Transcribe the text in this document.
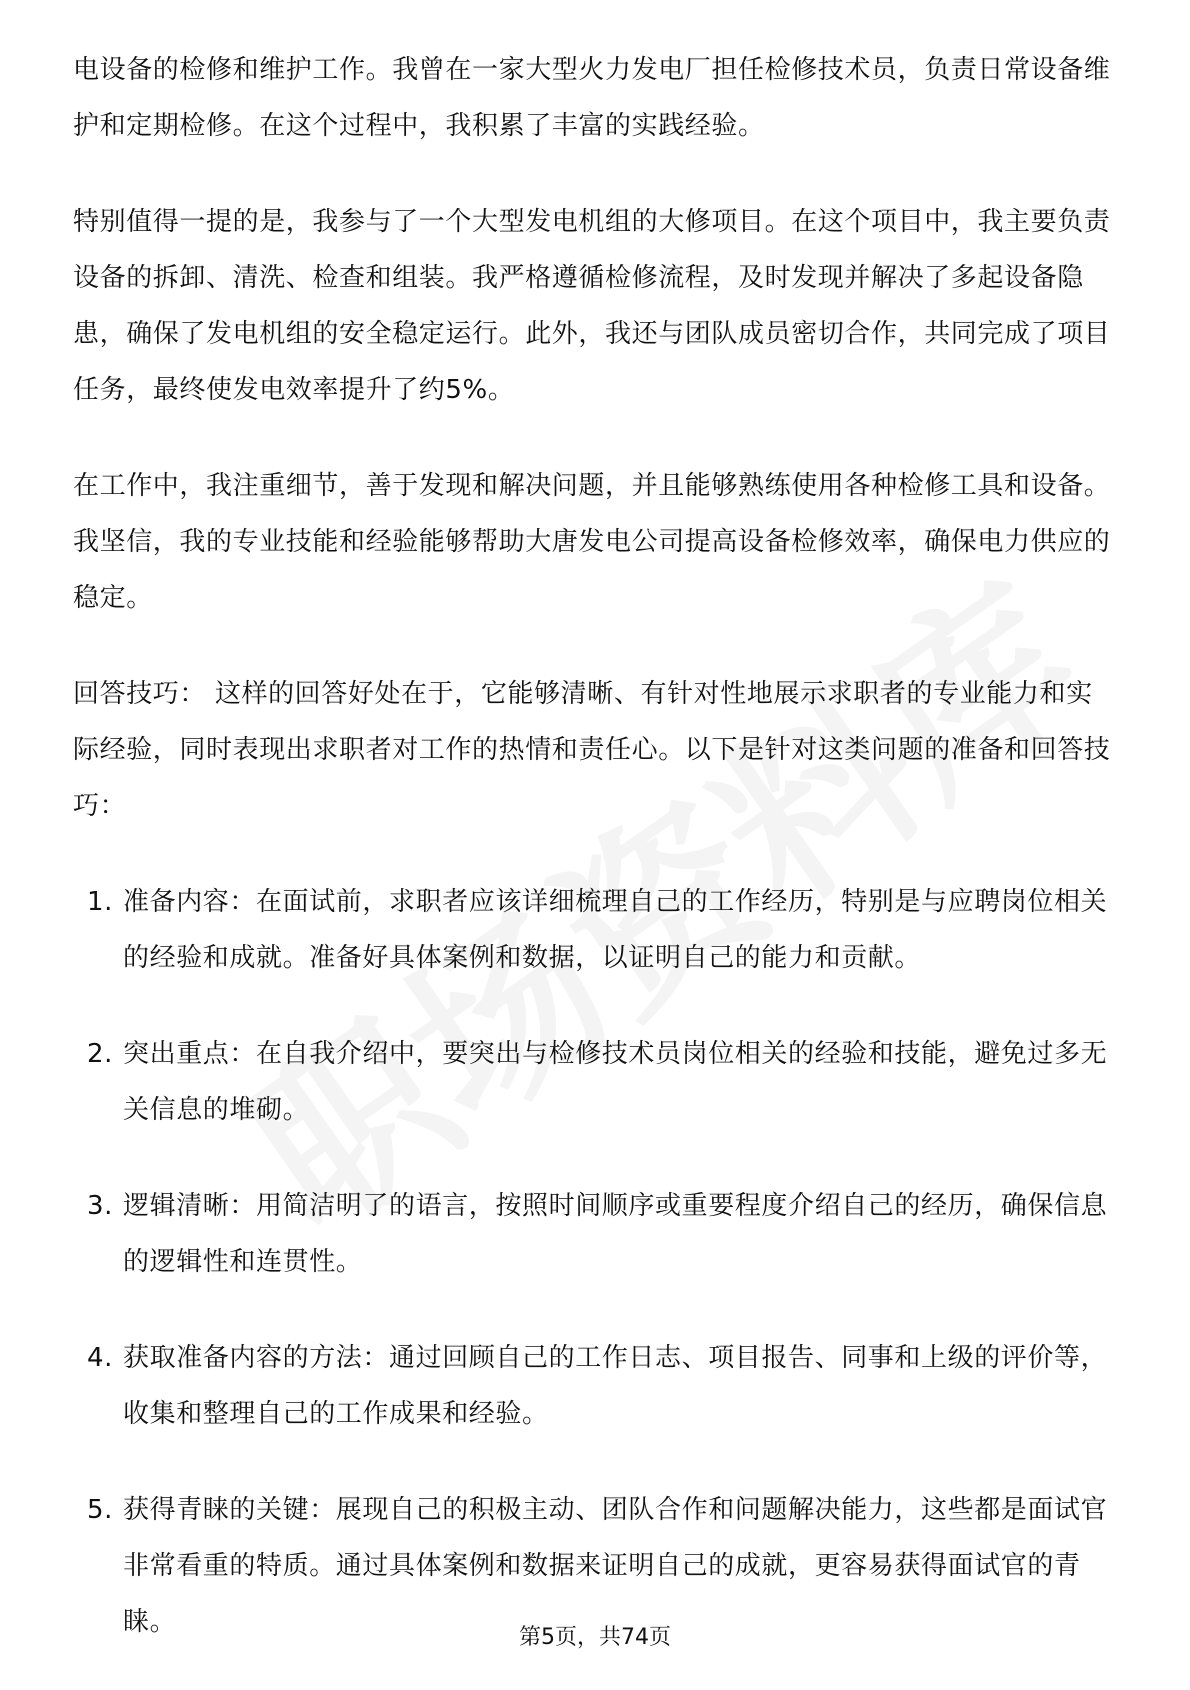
电设备的检修和维护工作。我曾在一家大型火力发电厂担任检修技术员，负责日常设备维护和定期检修。在这个过程中，我积累了丰富的实践经验。

特别值得一提的是，我参与了一个大型发电机组的大修项目。在这个项目中，我主要负责设备的拆卸、清洗、检查和组装。我严格遵循检修流程，及时发现并解决了多起设备隐患，确保了发电机组的安全稳定运行。此外，我还与团队成员密切合作，共同完成了项目任务，最终使发电效率提升了约5%。

在工作中，我注重细节，善于发现和解决问题，并且能够熟练使用各种检修工具和设备。我坚信，我的专业技能和经验能够帮助大唐发电公司提高设备检修效率，确保电力供应的稳定。

回答技巧： 这样的回答好处在于，它能够清晰、有针对性地展示求职者的专业能力和实际经验，同时表现出求职者对工作的热情和责任心。以下是针对这类问题的准备和回答技巧：

1. 准备内容：在面试前，求职者应该详细梳理自己的工作经历，特别是与应聘岗位相关的经验和成就。准备好具体案例和数据，以证明自己的能力和贡献。
2. 突出重点：在自我介绍中，要突出与检修技术员岗位相关的经验和技能，避免过多无关信息的堆砌。
3. 逻辑清晰：用简洁明了的语言，按照时间顺序或重要程度介绍自己的经历，确保信息的逻辑性和连贯性。
4. 获取准备内容的方法：通过回顾自己的工作日志、项目报告、同事和上级的评价等，收集和整理自己的工作成果和经验。
5. 获得青睐的关键：展现自己的积极主动、团队合作和问题解决能力，这些都是面试官非常看重的特质。通过具体案例和数据来证明自己的成就，更容易获得面试官的青睐。
第5页，共74页
